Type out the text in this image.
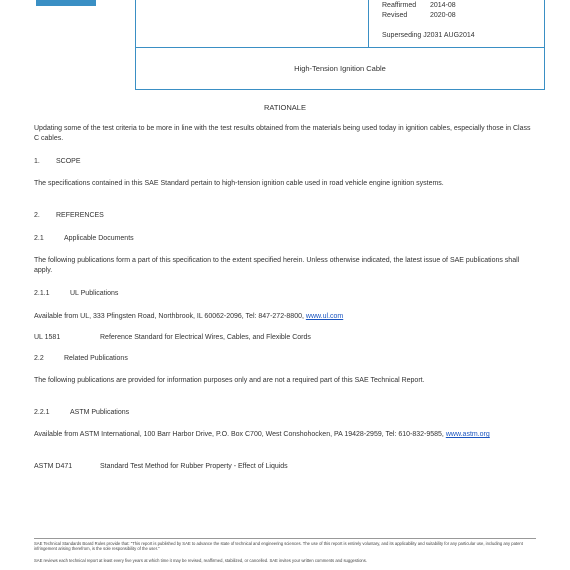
Reaffirmed 2014-08
Revised	2020-08
Superseding J2031 AUG2014
High-Tension Ignition Cable
RATIONALE
Updating some of the test criteria to be more in line with the test results obtained from the materials being used today in ignition cables, especially those in Class C cables.
1. SCOPE
The specifications contained in this SAE Standard pertain to high-tension ignition cable used in road vehicle engine ignition systems.
2. REFERENCES
2.1	Applicable Documents
The following publications form a part of this specification to the extent specified herein. Unless otherwise indicated, the latest issue of SAE publications shall apply.
2.1.1	UL Publications
Available from UL, 333 Pfingsten Road, Northbrook, IL 60062-2096, Tel: 847-272-8800, www.ul.com
UL 1581	Reference Standard for Electrical Wires, Cables, and Flexible Cords
2.2	Related Publications
The following publications are provided for information purposes only and are not a required part of this SAE Technical Report.
2.2.1	ASTM Publications
Available from ASTM International, 100 Barr Harbor Drive, P.O. Box C700, West Conshohocken, PA 19428-2959, Tel: 610-832-9585, www.astm.org
ASTM D471	Standard Test Method for Rubber Property - Effect of Liquids
SAE Technical Standards Board Rules provide that: "This report is published by SAE to advance the state of technical and engineering sciences. The use of this report is entirely voluntary, and its applicability and suitability for any particular use, including any patent infringement arising therefrom, is the sole responsibility of the user."
SAE reviews each technical report at least every five years at which time it may be revised, reaffirmed, stabilized, or cancelled. SAE invites your written comments and suggestions.
